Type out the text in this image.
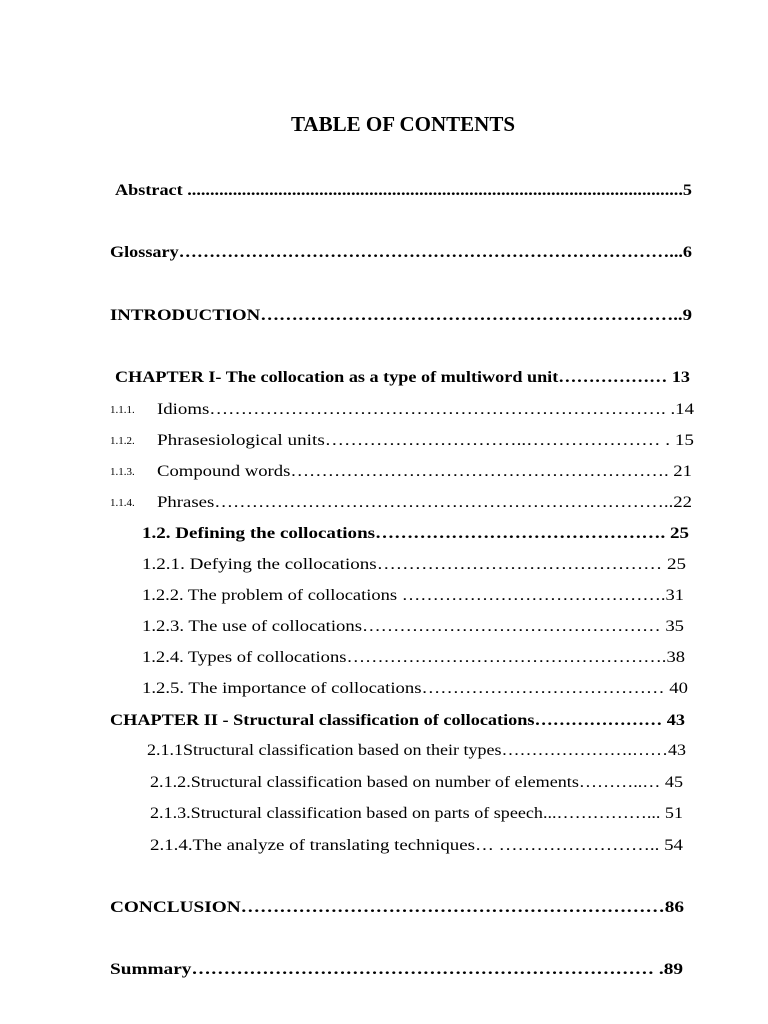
TABLE OF CONTENTS
Abstract .............................................................................................................5
Glossary………………………………………………………………………...6
INTRODUCTION…………………………………………………………..9
CHAPTER I- The collocation as a type of multiword unit……………… 13
1.1.1. Idioms………………………………………………………………. .14
1.1.2. Phrasesiological units…………………………..………………… . 15
1.1.3. Compound words……………………………………………………. 21
1.1.4. Phrases………………………………………………………………..22
1.2. Defining the collocations………………………………………. 25
1.2.1. Defying the collocations……………………………………… 25
1.2.2. The problem of collocations …………………………………….31
1.2.3. The use of collocations………………………………………… 35
1.2.4. Types of collocations…………………………………………….38
1.2.5. The importance of collocations………………………………… 40
CHAPTER II - Structural classification of collocations………………… 43
2.1.1Structural classification based on their types………………….……43
2.1.2.Structural classification based on number of elements………..… 45
2.1.3.Structural classification based on parts of speech...……………... 51
2.1.4.The analyze of translating techniques… …………………….. 54
CONCLUSION…………………………………………………………86
Summary……………………………………………………………… .89
